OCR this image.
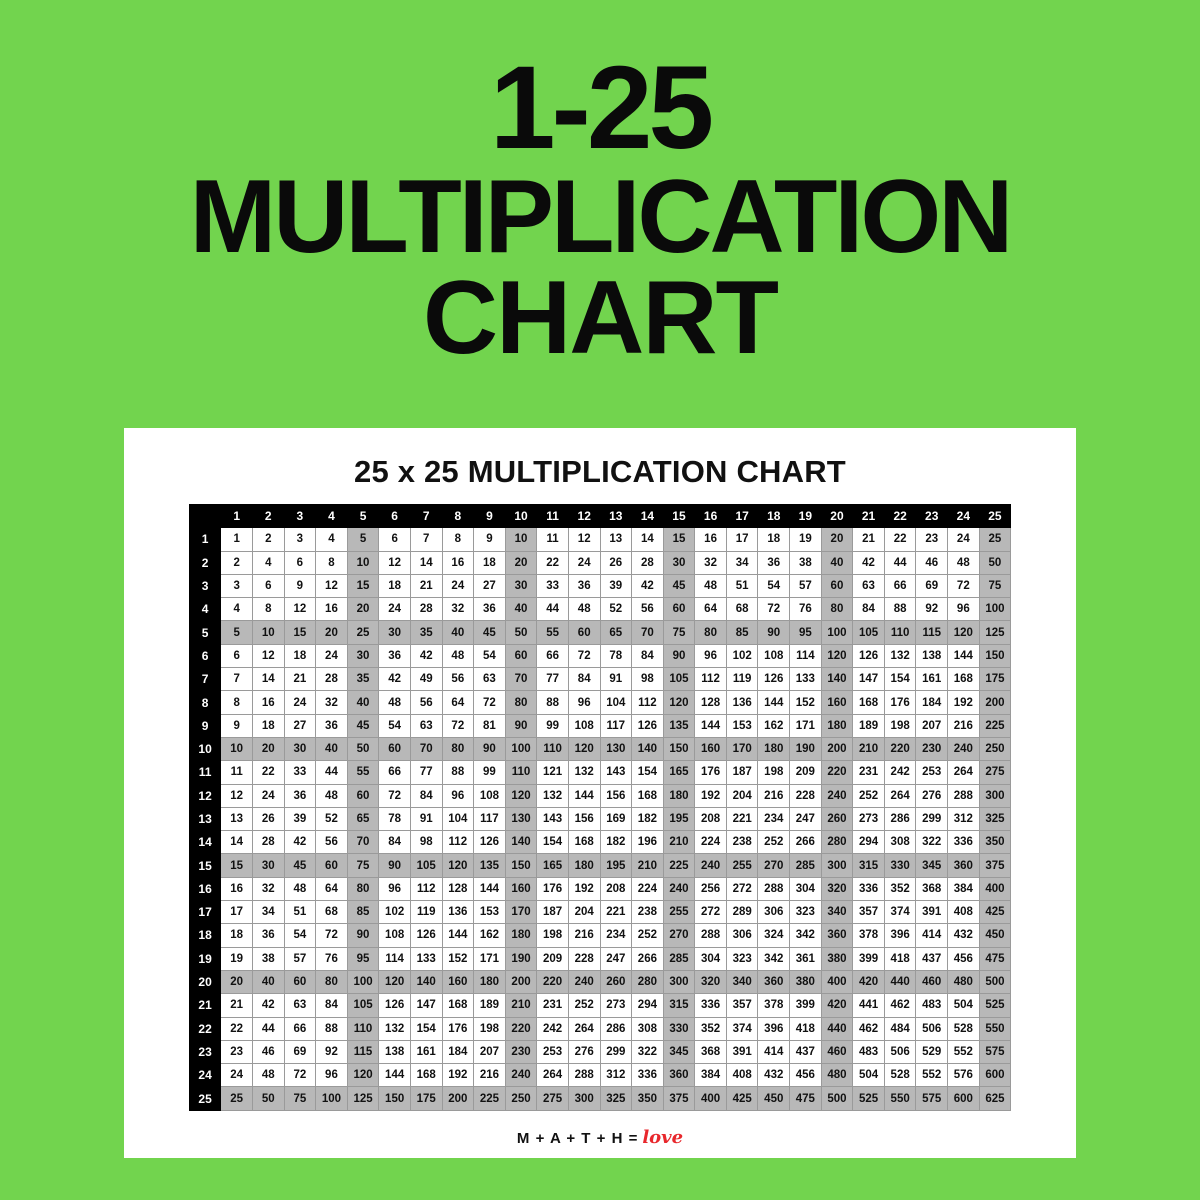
1-25
MULTIPLICATION
CHART
25 x 25 MULTIPLICATION CHART
	1	2	3	4	5	6	7	8	9	10	11	12	13	14	15	16	17	18	19	20	21	22	23	24	25
1	1	2	3	4	5	6	7	8	9	10	11	12	13	14	15	16	17	18	19	20	21	22	23	24	25
2	2	4	6	8	10	12	14	16	18	20	22	24	26	28	30	32	34	36	38	40	42	44	46	48	50
3	3	6	9	12	15	18	21	24	27	30	33	36	39	42	45	48	51	54	57	60	63	66	69	72	75
4	4	8	12	16	20	24	28	32	36	40	44	48	52	56	60	64	68	72	76	80	84	88	92	96	100
5	5	10	15	20	25	30	35	40	45	50	55	60	65	70	75	80	85	90	95	100	105	110	115	120	125
6	6	12	18	24	30	36	42	48	54	60	66	72	78	84	90	96	102	108	114	120	126	132	138	144	150
7	7	14	21	28	35	42	49	56	63	70	77	84	91	98	105	112	119	126	133	140	147	154	161	168	175
8	8	16	24	32	40	48	56	64	72	80	88	96	104	112	120	128	136	144	152	160	168	176	184	192	200
9	9	18	27	36	45	54	63	72	81	90	99	108	117	126	135	144	153	162	171	180	189	198	207	216	225
10	10	20	30	40	50	60	70	80	90	100	110	120	130	140	150	160	170	180	190	200	210	220	230	240	250
11	11	22	33	44	55	66	77	88	99	110	121	132	143	154	165	176	187	198	209	220	231	242	253	264	275
12	12	24	36	48	60	72	84	96	108	120	132	144	156	168	180	192	204	216	228	240	252	264	276	288	300
13	13	26	39	52	65	78	91	104	117	130	143	156	169	182	195	208	221	234	247	260	273	286	299	312	325
14	14	28	42	56	70	84	98	112	126	140	154	168	182	196	210	224	238	252	266	280	294	308	322	336	350
15	15	30	45	60	75	90	105	120	135	150	165	180	195	210	225	240	255	270	285	300	315	330	345	360	375
16	16	32	48	64	80	96	112	128	144	160	176	192	208	224	240	256	272	288	304	320	336	352	368	384	400
17	17	34	51	68	85	102	119	136	153	170	187	204	221	238	255	272	289	306	323	340	357	374	391	408	425
18	18	36	54	72	90	108	126	144	162	180	198	216	234	252	270	288	306	324	342	360	378	396	414	432	450
19	19	38	57	76	95	114	133	152	171	190	209	228	247	266	285	304	323	342	361	380	399	418	437	456	475
20	20	40	60	80	100	120	140	160	180	200	220	240	260	280	300	320	340	360	380	400	420	440	460	480	500
21	21	42	63	84	105	126	147	168	189	210	231	252	273	294	315	336	357	378	399	420	441	462	483	504	525
22	22	44	66	88	110	132	154	176	198	220	242	264	286	308	330	352	374	396	418	440	462	484	506	528	550
23	23	46	69	92	115	138	161	184	207	230	253	276	299	322	345	368	391	414	437	460	483	506	529	552	575
24	24	48	72	96	120	144	168	192	216	240	264	288	312	336	360	384	408	432	456	480	504	528	552	576	600
25	25	50	75	100	125	150	175	200	225	250	275	300	325	350	375	400	425	450	475	500	525	550	575	600	625
M + A + T + H = love
